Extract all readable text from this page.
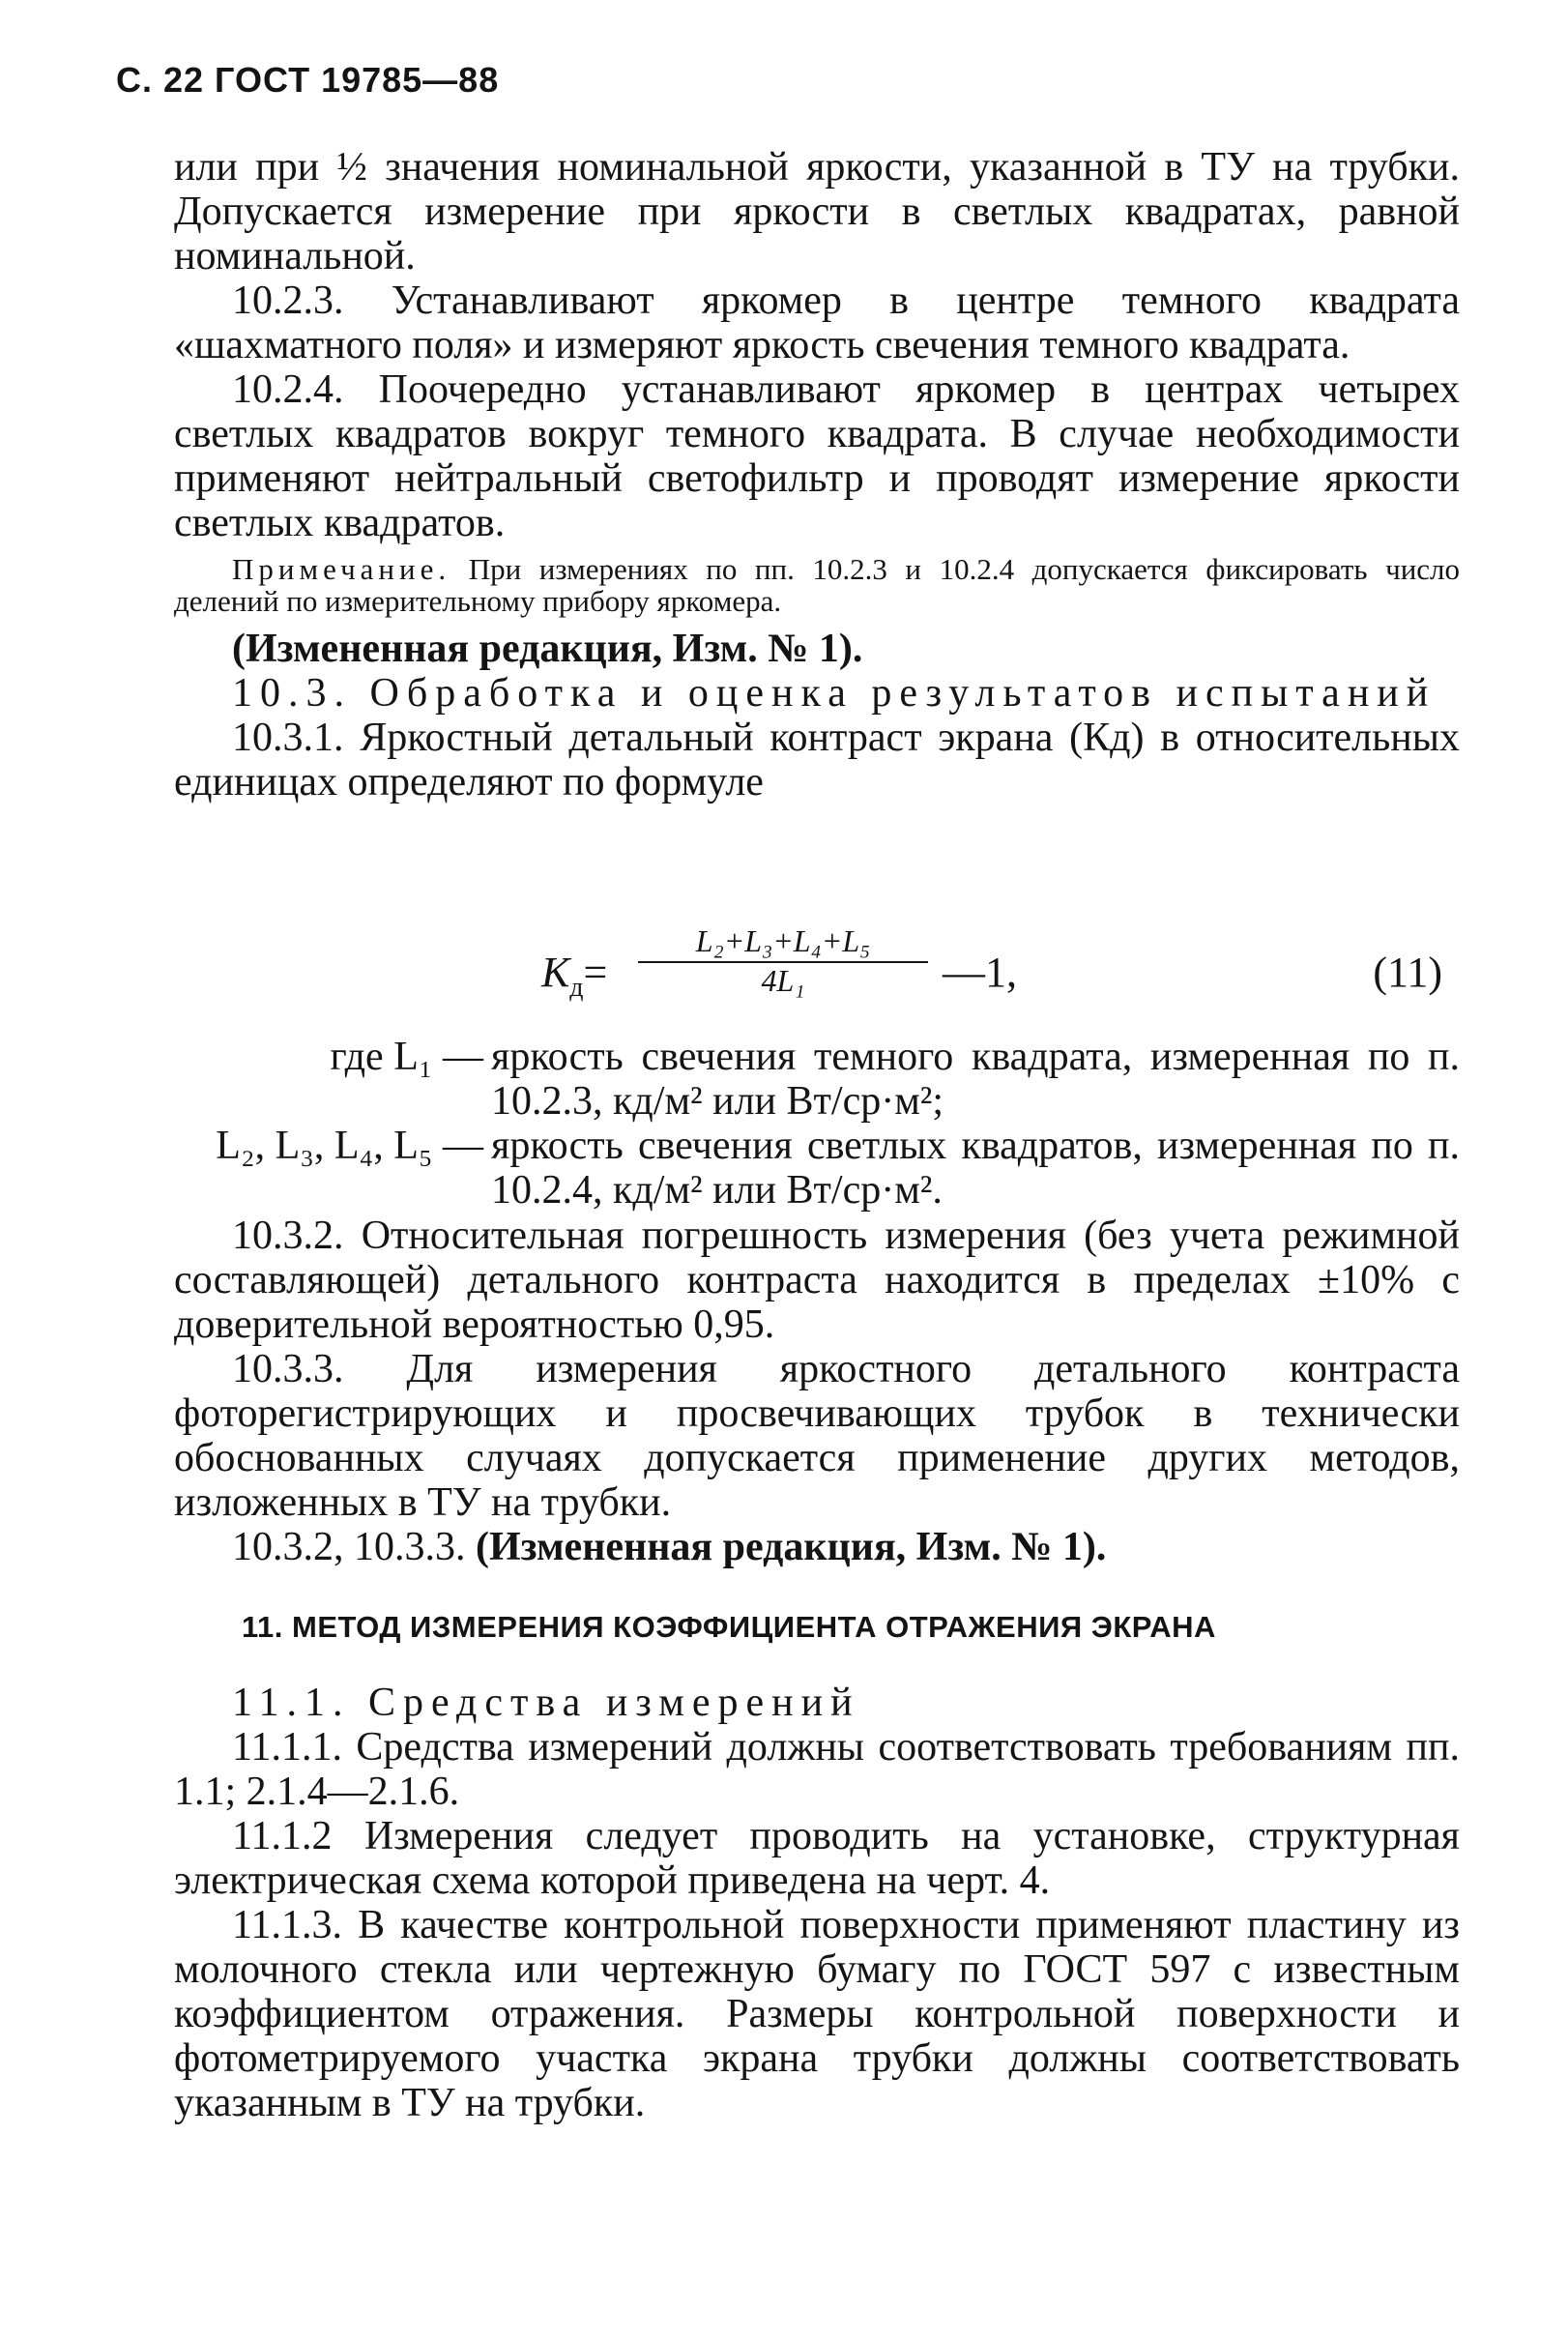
С. 22 ГОСТ 19785—88
или при ½ значения номинальной яркости, указанной в ТУ на трубки. Допускается измерение при яркости в светлых квадратах, равной номинальной.
10.2.3. Устанавливают яркомер в центре темного квадрата «шахматного поля» и измеряют яркость свечения темного квадрата.
10.2.4. Поочередно устанавливают яркомер в центрах четырех светлых квадратов вокруг темного квадрата. В случае необходимости применяют нейтральный светофильтр и проводят измерение яркости светлых квадратов.
Примечание. При измерениях по пп. 10.2.3 и 10.2.4 допускается фиксировать число делений по измерительному прибору яркомера.
(Измененная редакция, Изм. № 1).
10.3. Обработка и оценка результатов испытаний
10.3.1. Яркостный детальный контраст экрана (Кд) в относительных единицах определяют по формуле
$К_д= \frac{\text{L₂+L₃+L₄+L₅}}{\text{4L₁}}$ —1,	(11)
где L₁ — яркость свечения темного квадрата, измеренная по п. 10.2.3, кд/м² или Вт/ср·м²;
L₂, L₃, L₄, L₅ — яркость свечения светлых квадратов, измеренная по п. 10.2.4, кд/м² или Вт/ср·м².
10.3.2. Относительная погрешность измерения (без учета режимной составляющей) детального контраста находится в пределах ±10% с доверительной вероятностью 0,95.
10.3.3. Для измерения яркостного детального контраста фоторегистрирующих и просвечивающих трубок в технически обоснованных случаях допускается применение других методов, изложенных в ТУ на трубки.
10.3.2, 10.3.3. (Измененная редакция, Изм. № 1).
11. МЕТОД ИЗМЕРЕНИЯ КОЭФФИЦИЕНТА ОТРАЖЕНИЯ ЭКРАНА
11.1. Средства измерений
11.1.1. Средства измерений должны соответствовать требованиям пп. 1.1; 2.1.4—2.1.6.
11.1.2 Измерения следует проводить на установке, структурная электрическая схема которой приведена на черт. 4.
11.1.3. В качестве контрольной поверхности применяют пластину из молочного стекла или чертежную бумагу по ГОСТ 597 с известным коэффициентом отражения. Размеры контрольной поверхности и фотометрируемого участка экрана трубки должны соответствовать указанным в ТУ на трубки.
